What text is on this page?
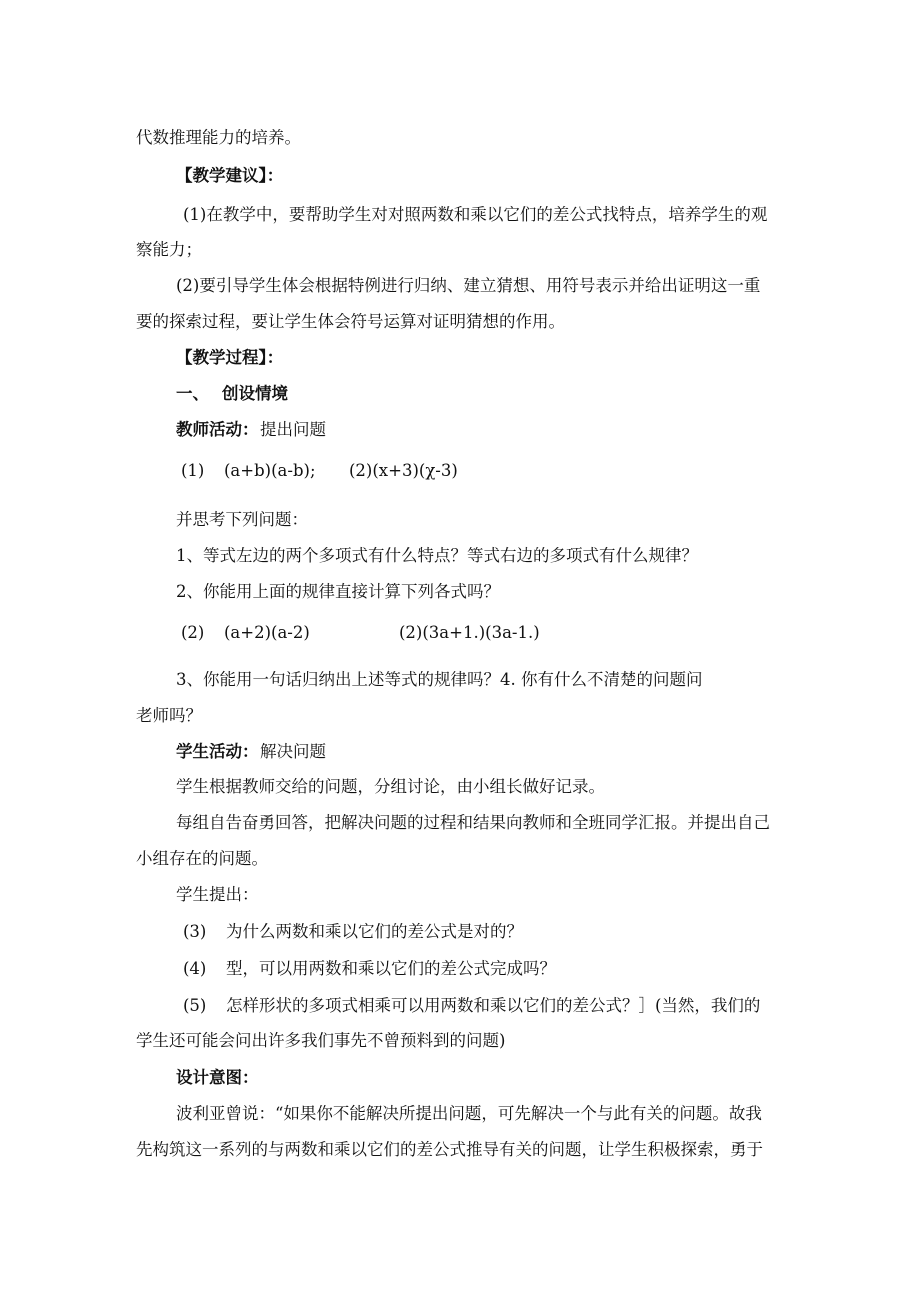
代数推理能力的培养。
【教学建议】：
(1)在教学中，要帮助学生对对照两数和乘以它们的差公式找特点，培养学生的观
察能力；
(2)要引导学生体会根据特例进行归纳、建立猜想、用符号表示并给出证明这一重
要的探索过程，要让学生体会符号运算对证明猜想的作用。
【教学过程】：
一、 创设情境
教师活动： 提出问题
(1) (a+b)(a-b); (2)(x+3)(χ-3)
并思考下列问题：
1、等式左边的两个多项式有什么特点？等式右边的多项式有什么规律？
2、你能用上面的规律直接计算下列各式吗？
(2) (a+2)(a-2)	(2)(3a+1.)(3a-1.)
3、你能用一句话归纳出上述等式的规律吗？4. 你有什么不清楚的问题问
老师吗？
学生活动： 解决问题
学生根据教师交给的问题，分组讨论，由小组长做好记录。
每组自告奋勇回答，把解决问题的过程和结果向教师和全班同学汇报。并提出自己
小组存在的问题。
学生提出：
(3) 为什么两数和乘以它们的差公式是对的？
(4) 型，可以用两数和乘以它们的差公式完成吗？
(5) 怎样形状的多项式相乘可以用两数和乘以它们的差公式？］(当然，我们的
学生还可能会问出许多我们事先不曾预料到的问题)
设计意图：
波利亚曾说：“如果你不能解决所提出问题，可先解决一个与此有关的问题。故我
先构筑这一系列的与两数和乘以它们的差公式推导有关的问题，让学生积极探索，勇于
